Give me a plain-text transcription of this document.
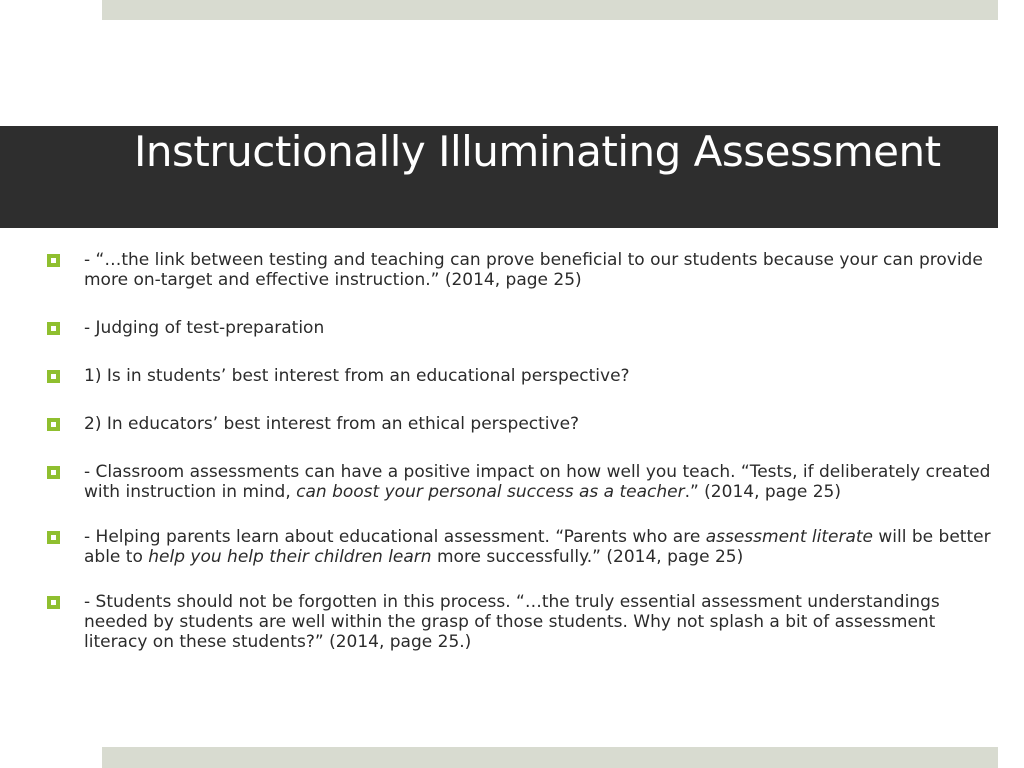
Instructionally Illuminating Assessment
- “…the link between testing and teaching can prove beneficial to our students because your can provide more on-target and effective instruction.” (2014, page 25)
- Judging of test-preparation
1) Is in students’ best interest from an educational perspective?
2) In educators’ best interest from an ethical perspective?
- Classroom assessments can have a positive impact on how well you teach. “Tests, if deliberately created with instruction in mind, can boost your personal success as a teacher.” (2014, page 25)
- Helping parents learn about educational assessment. “Parents who are assessment literate will be better able to help you help their children learn more successfully.” (2014, page 25)
- Students should not be forgotten in this process. “…the truly essential assessment understandings needed by students are well within the grasp of those students. Why not splash a bit of assessment literacy on these students?” (2014, page 25.)
